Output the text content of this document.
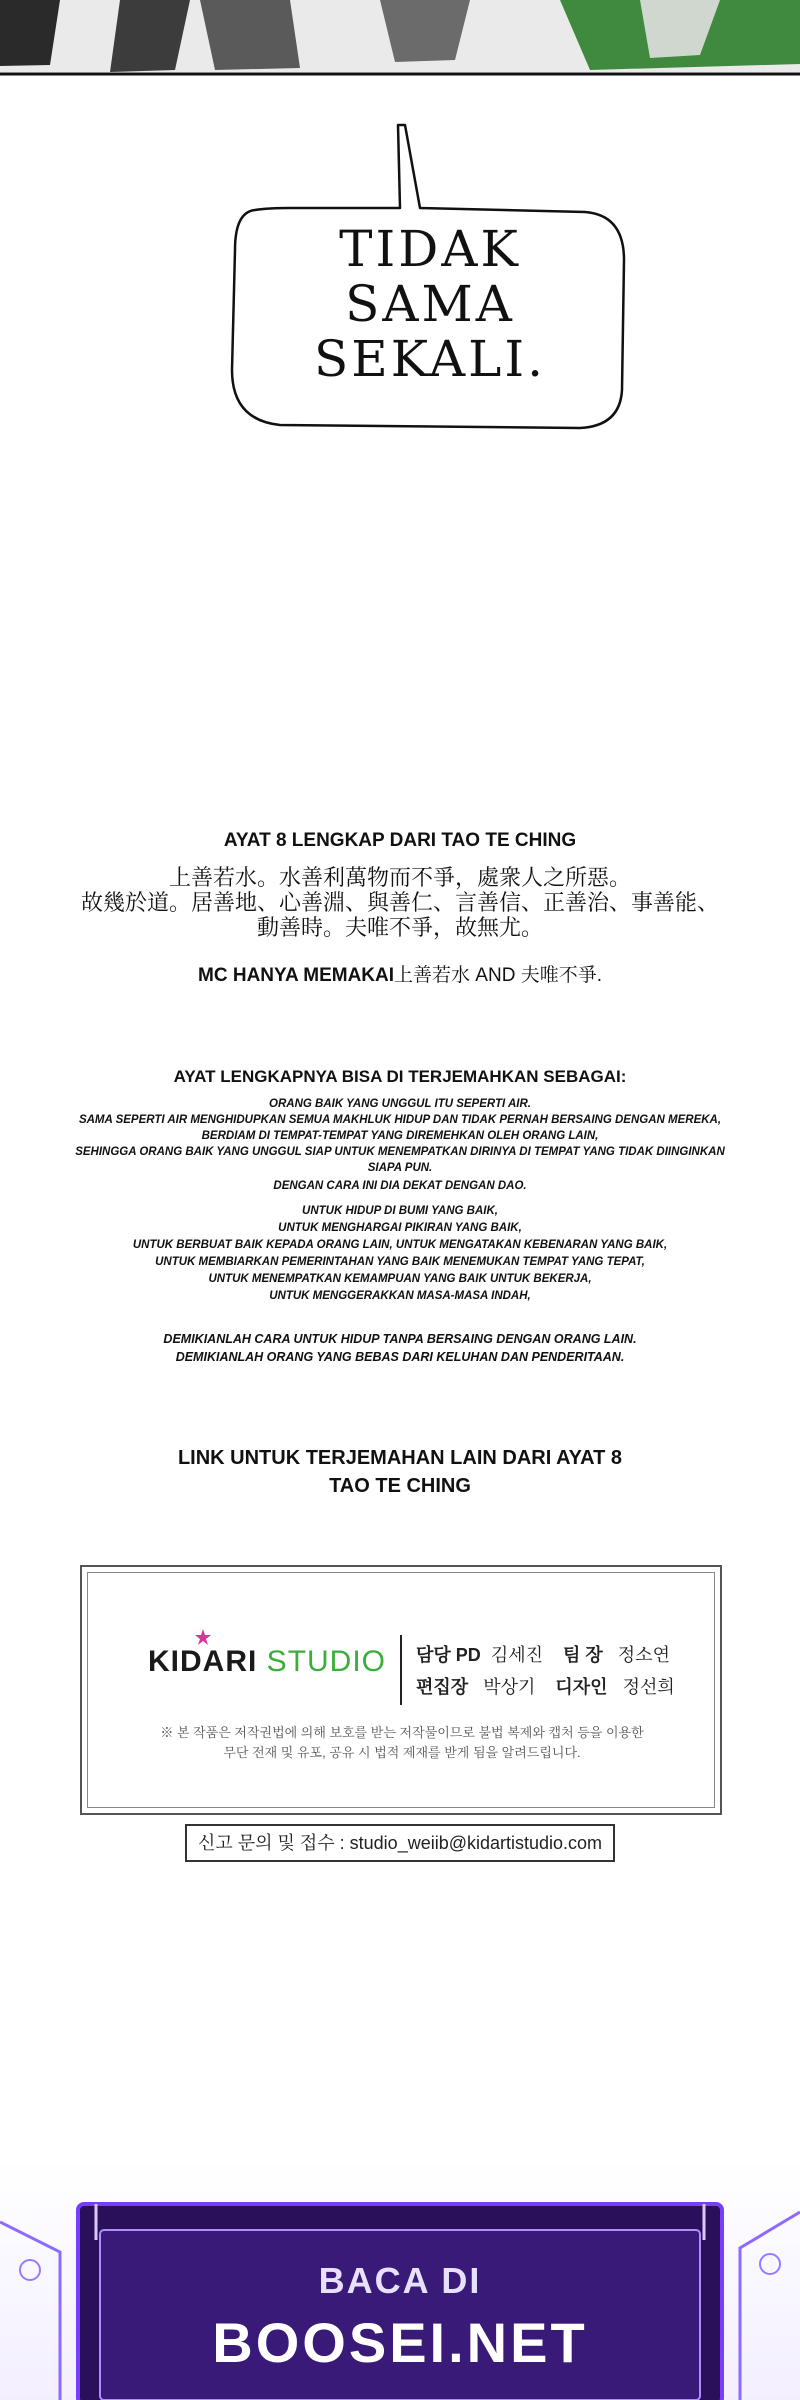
TIDAK
SAMA
SEKALI.
AYAT 8 LENGKAP DARI TAO TE CHING
上善若水。水善利萬物而不爭，處衆人之所惡。
故幾於道。居善地、心善淵、與善仁、言善信、正善治、事善能、
動善時。夫唯不爭，故無尤。
MC HANYA MEMAKAI上善若水 AND 夫唯不爭.
AYAT LENGKAPNYA BISA DI TERJEMAHKAN SEBAGAI:
ORANG BAIK YANG UNGGUL ITU SEPERTI AIR.
SAMA SEPERTI AIR MENGHIDUPKAN SEMUA MAKHLUK HIDUP DAN TIDAK PERNAH BERSAING DENGAN MEREKA,
BERDIAM DI TEMPAT-TEMPAT YANG DIREMEHKAN OLEH ORANG LAIN,
SEHINGGA ORANG BAIK YANG UNGGUL SIAP UNTUK MENEMPATKAN DIRINYA DI TEMPAT YANG TIDAK DIINGINKAN
SIAPA PUN.
DENGAN CARA INI DIA DEKAT DENGAN DAO.
UNTUK HIDUP DI BUMI YANG BAIK,
UNTUK MENGHARGAI PIKIRAN YANG BAIK,
UNTUK BERBUAT BAIK KEPADA ORANG LAIN, UNTUK MENGATAKAN KEBENARAN YANG BAIK,
UNTUK MEMBIARKAN PEMERINTAHAN YANG BAIK MENEMUKAN TEMPAT YANG TEPAT,
UNTUK MENEMPATKAN KEMAMPUAN YANG BAIK UNTUK BEKERJA,
UNTUK MENGGERAKKAN MASA-MASA INDAH,
DEMIKIANLAH CARA UNTUK HIDUP TANPA BERSAING DENGAN ORANG LAIN.
DEMIKIANLAH ORANG YANG BEBAS DARI KELUHAN DAN PENDERITAAN.
LINK UNTUK TERJEMAHAN LAIN DARI AYAT 8
TAO TE CHING
KIDARI STUDIO 담당 PD 김세진 팀 장 정소연
편집장 박상기 디자인 정선희
※ 본 작품은 저작권법에 의해 보호를 받는 저작물이므로 불법 복제와 캡처 등을 이용한
무단 전재 및 유포, 공유 시 법적 제재를 받게 됨을 알려드립니다.
신고 문의 및 접수 : studio_weiib@kidartistudio.com
BACA DI
BOOSEI.NET
